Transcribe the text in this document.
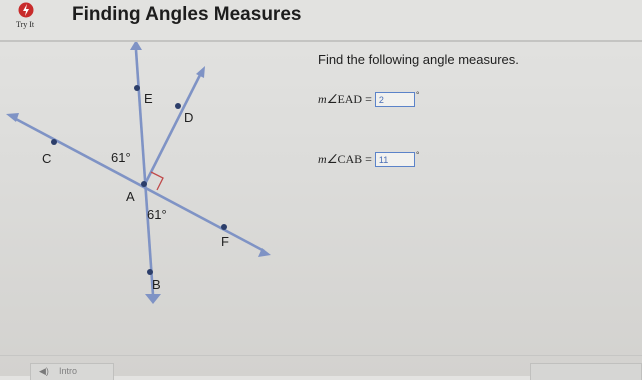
Try It Finding Angles Measures
E
D
C
A
F
B
61°
61°
Find the following angle measures.
m∠EAD = 2	°
m∠CAB = 11	°
◀) Intro
